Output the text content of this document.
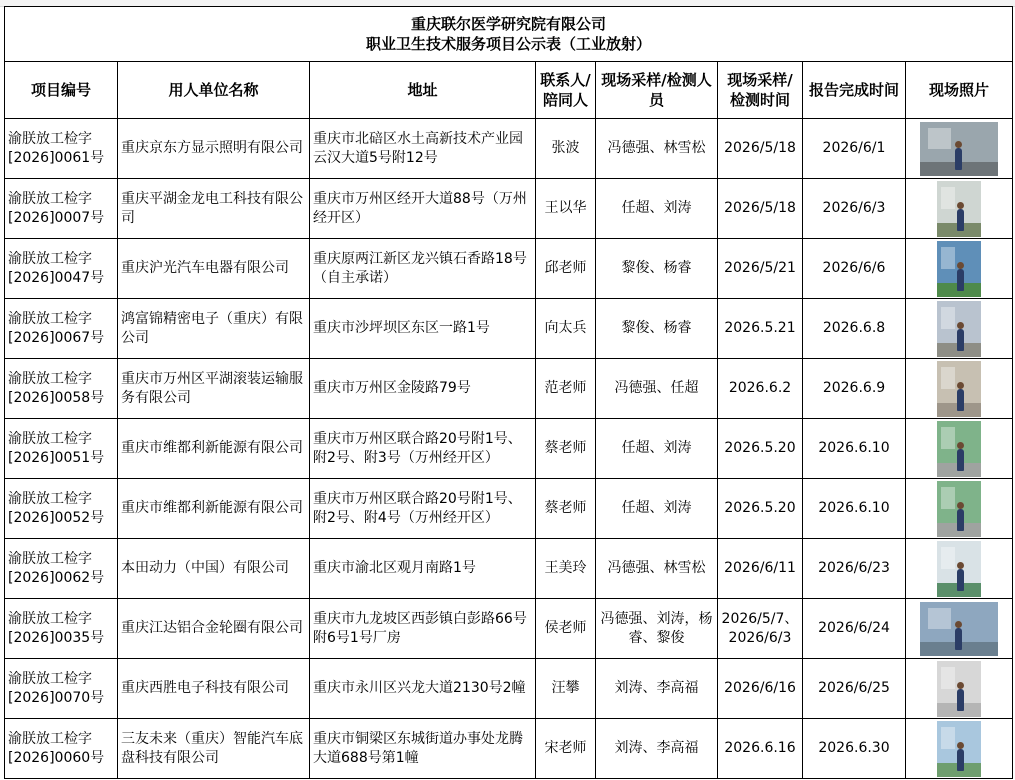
重庆联尔医学研究院有限公司
职业卫生技术服务项目公示表（工业放射）							

项目编号	用人单位名称	地址	联系人/陪同人	现场采样/检测人员	现场采样/检测时间	报告完成时间	现场照片
渝朕放工检字[2026]0061号	重庆京东方显示照明有限公司	重庆市北碚区水土高新技术产业园云汉大道5号附12号	张波	冯德强、林雪松	2026/5/18	2026/6/1	

渝朕放工检字[2026]0007号	重庆平湖金龙电工科技有限公司	重庆市万州区经开大道88号（万州经开区）	王以华	任超、刘涛	2026/5/18	2026/6/3	

渝朕放工检字[2026]0047号	重庆沪光汽车电器有限公司	重庆原两江新区龙兴镇石香路18号（自主承诺）	邱老师	黎俊、杨睿	2026/5/21	2026/6/6	

渝朕放工检字[2026]0067号	鸿富锦精密电子（重庆）有限公司	重庆市沙坪坝区东区一路1号	向太兵	黎俊、杨睿	2026.5.21	2026.6.8	

渝朕放工检字[2026]0058号	重庆市万州区平湖滚装运输服务有限公司	重庆市万州区金陵路79号	范老师	冯德强、任超	2026.6.2	2026.6.9	

渝朕放工检字[2026]0051号	重庆市维都利新能源有限公司	重庆市万州区联合路20号附1号、附2号、附3号（万州经开区）	蔡老师	任超、刘涛	2026.5.20	2026.6.10	

渝朕放工检字[2026]0052号	重庆市维都利新能源有限公司	重庆市万州区联合路20号附1号、附2号、附4号（万州经开区）	蔡老师	任超、刘涛	2026.5.20	2026.6.10	

渝朕放工检字[2026]0062号	本田动力（中国）有限公司	重庆市渝北区观月南路1号	王美玲	冯德强、林雪松	2026/6/11	2026/6/23	

渝朕放工检字[2026]0035号	重庆江达铝合金轮圈有限公司	重庆市九龙坡区西彭镇白彭路66号附6号1号厂房	侯老师	冯德强、刘涛，杨睿、黎俊	2026/5/7、2026/6/3	2026/6/24	

渝朕放工检字[2026]0070号	重庆西胜电子科技有限公司	重庆市永川区兴龙大道2130号2幢	汪攀	刘涛、李高福	2026/6/16	2026/6/25	

渝朕放工检字[2026]0060号	三友未来（重庆）智能汽车底盘科技有限公司	重庆市铜梁区东城街道办事处龙腾大道688号第1幢	宋老师	刘涛、李高福	2026.6.16	2026.6.30	
